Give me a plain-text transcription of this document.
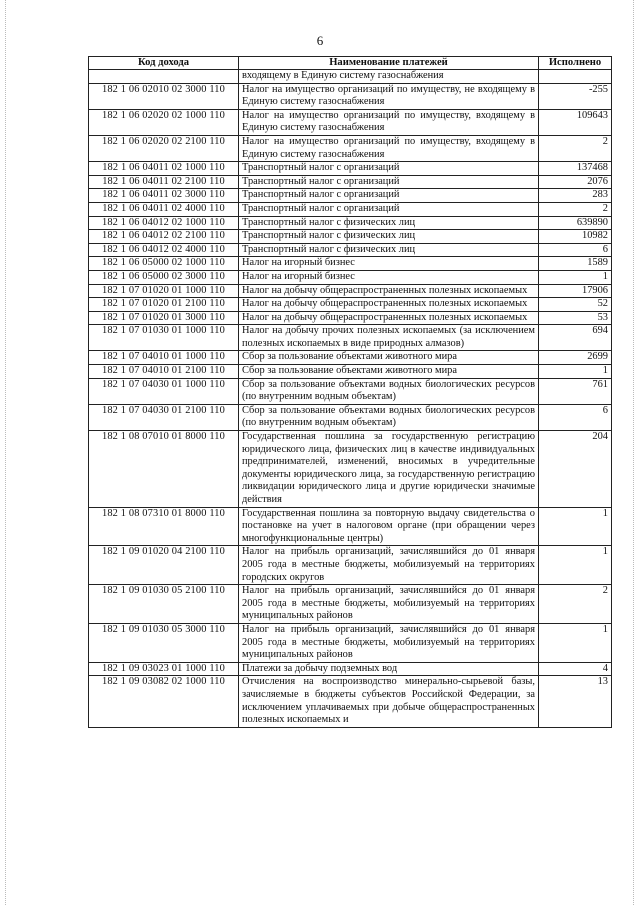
6
Код дохода	Наименование платежей	Исполнено
	входящему в Единую систему газоснабжения	
182 1 06 02010 02 3000 110	Налог на имущество организаций по имуществу, не входящему в Единую систему газоснабжения	-255
182 1 06 02020 02 1000 110	Налог на имущество организаций по имуществу, входящему в Единую систему газоснабжения	109643
182 1 06 02020 02 2100 110	Налог на имущество организаций по имуществу, входящему в Единую систему газоснабжения	2
182 1 06 04011 02 1000 110	Транспортный налог с организаций	137468
182 1 06 04011 02 2100 110	Транспортный налог с организаций	2076
182 1 06 04011 02 3000 110	Транспортный налог с организаций	283
182 1 06 04011 02 4000 110	Транспортный налог с организаций	2
182 1 06 04012 02 1000 110	Транспортный налог с физических лиц	639890
182 1 06 04012 02 2100 110	Транспортный налог с физических лиц	10982
182 1 06 04012 02 4000 110	Транспортный налог с физических лиц	6
182 1 06 05000 02 1000 110	Налог на игорный бизнес	1589
182 1 06 05000 02 3000 110	Налог на игорный бизнес	1
182 1 07 01020 01 1000 110	Налог на добычу общераспространенных полезных ископаемых	17906
182 1 07 01020 01 2100 110	Налог на добычу общераспространенных полезных ископаемых	52
182 1 07 01020 01 3000 110	Налог на добычу общераспространенных полезных ископаемых	53
182 1 07 01030 01 1000 110	Налог на добычу прочих полезных ископаемых (за исключением полезных ископаемых в виде природных алмазов)	694
182 1 07 04010 01 1000 110	Сбор за пользование объектами животного мира	2699
182 1 07 04010 01 2100 110	Сбор за пользование объектами животного мира	1
182 1 07 04030 01 1000 110	Сбор за пользование объектами водных биологических ресурсов (по внутренним водным объектам)	761
182 1 07 04030 01 2100 110	Сбор за пользование объектами водных биологических ресурсов (по внутренним водным объектам)	6
182 1 08 07010 01 8000 110	Государственная пошлина за государственную регистрацию юридического лица, физических лиц в качестве индивидуальных предпринимателей, изменений, вносимых в учредительные документы юридического лица, за государственную регистрацию ликвидации юридического лица и другие юридически значимые действия	204
182 1 08 07310 01 8000 110	Государственная пошлина за повторную выдачу свидетельства о постановке на учет в налоговом органе (при обращении через многофункциональные центры)	1
182 1 09 01020 04 2100 110	Налог на прибыль организаций, зачислявшийся до 01 января 2005 года в местные бюджеты, мобилизуемый на территориях городских округов	1
182 1 09 01030 05 2100 110	Налог на прибыль организаций, зачислявшийся до 01 января 2005 года в местные бюджеты, мобилизуемый на территориях муниципальных районов	2
182 1 09 01030 05 3000 110	Налог на прибыль организаций, зачислявшийся до 01 января 2005 года в местные бюджеты, мобилизуемый на территориях муниципальных районов	1
182 1 09 03023 01 1000 110	Платежи за добычу подземных вод	4
182 1 09 03082 02 1000 110	Отчисления на воспроизводство минерально-сырьевой базы, зачисляемые в бюджеты субъектов Российской Федерации, за исключением уплачиваемых при добыче общераспространенных полезных ископаемых и	13
